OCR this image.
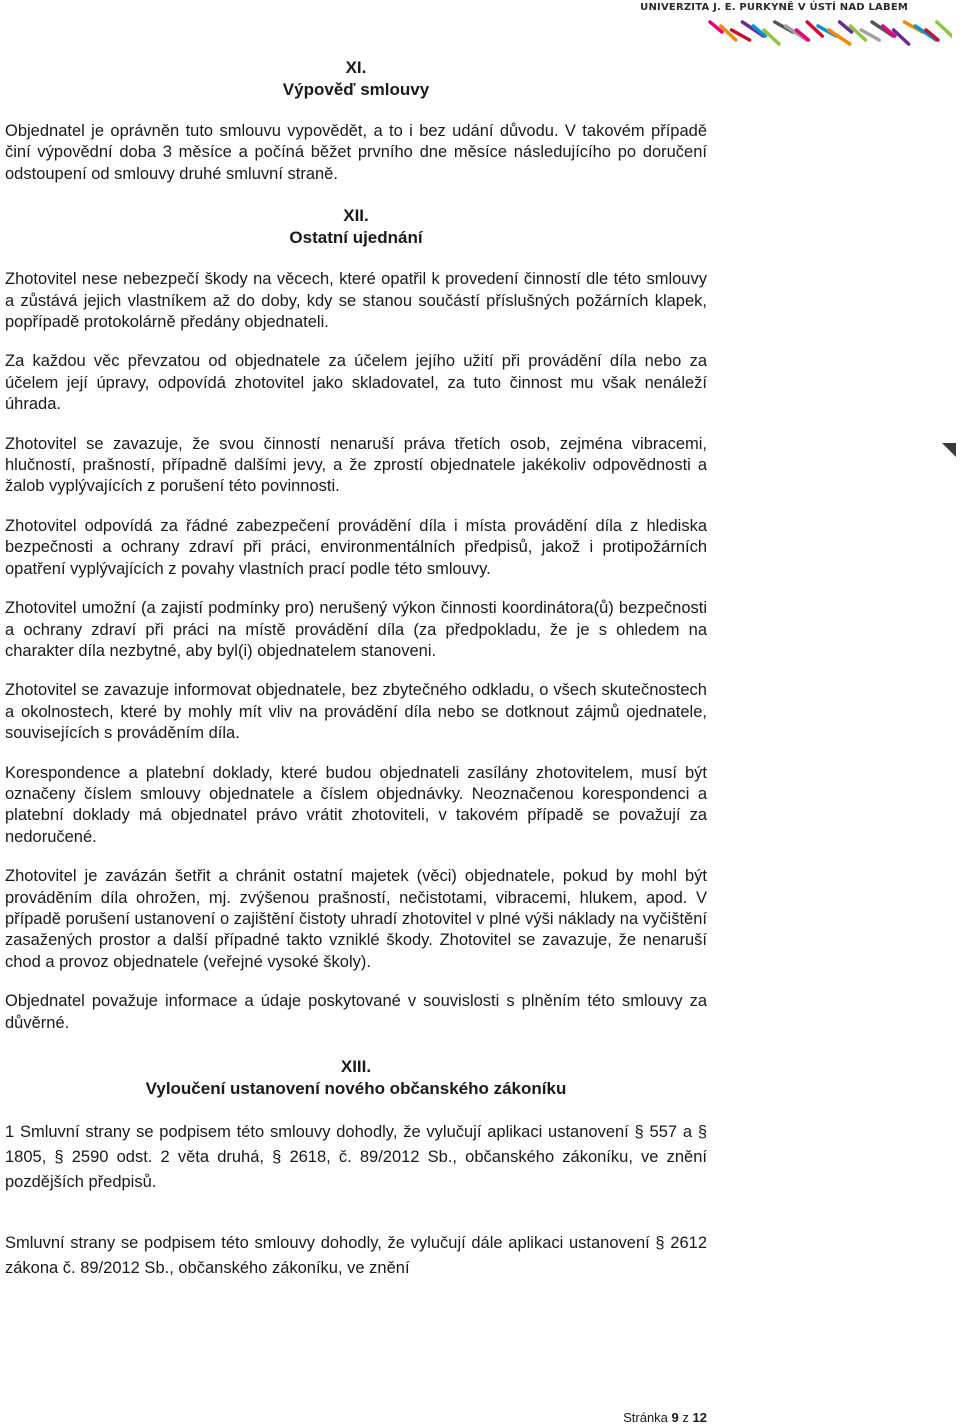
UNIVERZITA J. E. PURKYNĚ V ÚSTÍ NAD LABEM

XI.

Výpověď smlouvy

Objednatel je oprávněn tuto smlouvu vypovědět, a to i bez udání důvodu. V takovém případě činí výpovědní doba 3 měsíce a počíná běžet prvního dne měsíce následujícího po doručení odstoupení od smlouvy druhé smluvní straně.

XII.

Ostatní ujednání

Zhotovitel nese nebezpečí škody na věcech, které opatřil k provedení činností dle této smlouvy a zůstává jejich vlastníkem až do doby, kdy se stanou součástí příslušných požárních klapek, popřípadě protokolárně předány objednateli.

Za každou věc převzatou od objednatele za účelem jejího užití při provádění díla nebo za účelem její úpravy, odpovídá zhotovitel jako skladovatel, za tuto činnost mu však nenáleží úhrada.

Zhotovitel se zavazuje, že svou činností nenaruší práva třetích osob, zejména vibracemi, hlučností, prašností, případně dalšími jevy, a že zprostí objednatele jakékoliv odpovědnosti a žalob vyplývajících z porušení této povinnosti.

Zhotovitel odpovídá za řádné zabezpečení provádění díla i místa provádění díla z hlediska bezpečnosti a ochrany zdraví při práci, environmentálních předpisů, jakož i protipožárních opatření vyplývajících z povahy vlastních prací podle této smlouvy.

Zhotovitel umožní (a zajistí podmínky pro) nerušený výkon činnosti koordinátora(ů) bezpečnosti a ochrany zdraví při práci na místě provádění díla (za předpokladu, že je s ohledem na charakter díla nezbytné, aby byl(i) objednatelem stanoveni.

Zhotovitel se zavazuje informovat objednatele, bez zbytečného odkladu, o všech skutečnostech a okolnostech, které by mohly mít vliv na provádění díla nebo se dotknout zájmů ojednatele, souvisejících s prováděním díla.

Korespondence a platební doklady, které budou objednateli zasílány zhotovitelem, musí být označeny číslem smlouvy objednatele a číslem objednávky. Neoznačenou korespondenci a platební doklady má objednatel právo vrátit zhotoviteli, v takovém případě se považují za nedoručené.

Zhotovitel je zavázán šetřit a chránit ostatní majetek (věci) objednatele, pokud by mohl být prováděním díla ohrožen, mj. zvýšenou prašností, nečistotami, vibracemi, hlukem, apod. V případě porušení ustanovení o zajištění čistoty uhradí zhotovitel v plné výši náklady na vyčištění zasažených prostor a další případné takto vzniklé škody. Zhotovitel se zavazuje, že nenaruší chod a provoz objednatele (veřejné vysoké školy).

Objednatel považuje informace a údaje poskytované v souvislosti s plněním této smlouvy za důvěrné.

XIII.

Vyloučení ustanovení nového občanského zákoníku

1 Smluvní strany se podpisem této smlouvy dohodly, že vylučují aplikaci ustanovení § 557 a § 1805, § 2590 odst. 2 věta druhá, § 2618, č. 89/2012 Sb., občanského zákoníku, ve znění pozdějších předpisů.

Smluvní strany se podpisem této smlouvy dohodly, že vylučují dále aplikaci ustanovení § 2612 zákona č. 89/2012 Sb., občanského zákoníku, ve znění

Stránka 9 z 12
